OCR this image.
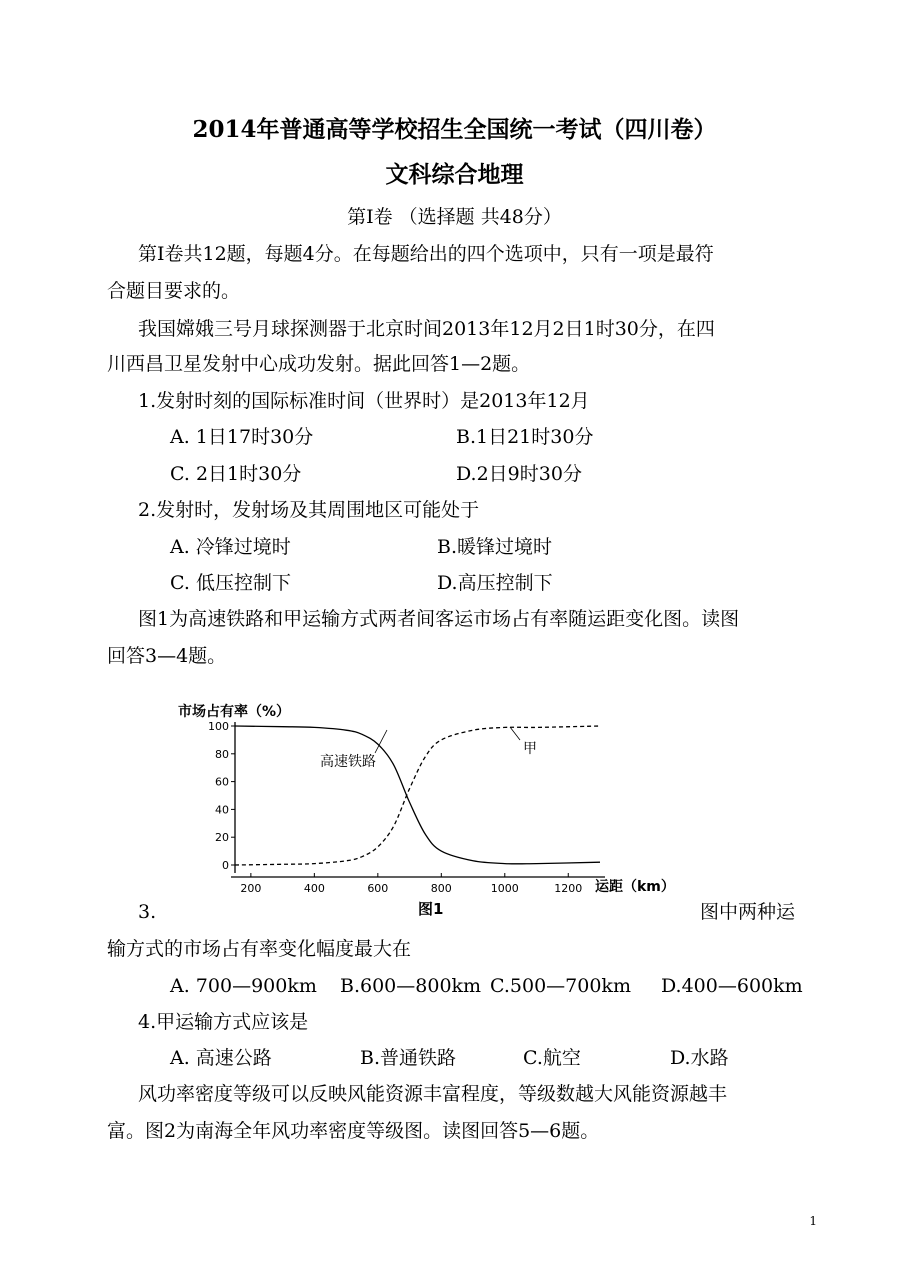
2014年普通高等学校招生全国统一考试（四川卷）
文科综合地理
第Ⅰ卷 （选择题 共48分）
第Ⅰ卷共12题，每题4分。在每题给出的四个选项中，只有一项是最符
合题目要求的。
我国嫦娥三号月球探测器于北京时间2013年12月2日1时30分，在四
川西昌卫星发射中心成功发射。据此回答1—2题。
1.发射时刻的国际标准时间（世界时）是2013年12月
A. 1日17时30分	B.1日21时30分
C. 2日1时30分	D.2日9时30分
2.发射时，发射场及其周围地区可能处于
A. 冷锋过境时	B.暖锋过境时
C. 低压控制下	D.高压控制下
图1为高速铁路和甲运输方式两者间客运市场占有率随运距变化图。读图
回答3—4题。
市场占有率（%）
运距（km）
图1
0
20
40
60
80
100
200	400	600	800	1000	1200
高速铁路
甲
3.	图中两种运
输方式的市场占有率变化幅度最大在
A. 700—900km B.600—800km C.500—700km D.400—600km
4.甲运输方式应该是
A. 高速公路	B.普通铁路	C.航空	D.水路
风功率密度等级可以反映风能资源丰富程度，等级数越大风能资源越丰
富。图2为南海全年风功率密度等级图。读图回答5—6题。
1
